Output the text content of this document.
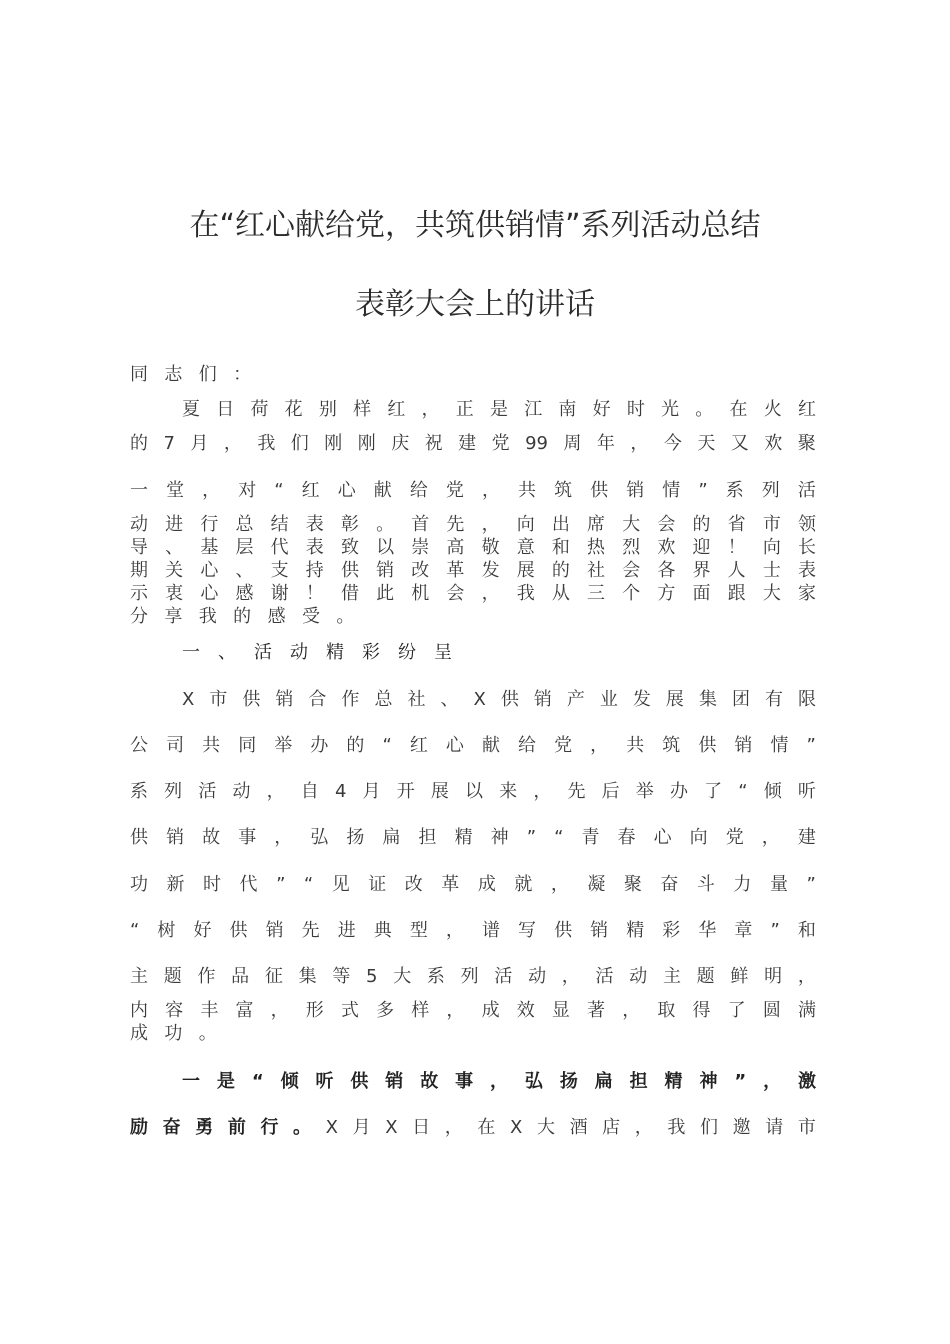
在“红心献给党，共筑供销情”系列活动总结
表彰大会上的讲话
同 志 们 ：
夏 日 荷 花 别 样 红 ， 正 是 江 南 好 时 光 。 在 火 红
的 7 月 ， 我 们 刚 刚 庆 祝 建 党 99 周 年 ， 今 天 又 欢 聚
一 堂 ， 对 “ 红 心 献 给 党 ， 共 筑 供 销 情 ” 系 列 活
动 进 行 总 结 表 彰 。 首 先 ， 向 出 席 大 会 的 省 市 领
导 、 基 层 代 表 致 以 崇 高 敬 意 和 热 烈 欢 迎 ！ 向 长
期 关 心 、 支 持 供 销 改 革 发 展 的 社 会 各 界 人 士 表
示 衷 心 感 谢 ！ 借 此 机 会 ， 我 从 三 个 方 面 跟 大 家
分 享 我 的 感 受 。
一 、 活 动 精 彩 纷 呈
X 市 供 销 合 作 总 社 、 X 供 销 产 业 发 展 集 团 有 限
公 司 共 同 举 办 的 “ 红 心 献 给 党 ， 共 筑 供 销 情 ”
系 列 活 动 ， 自 4 月 开 展 以 来 ， 先 后 举 办 了 “ 倾 听
供 销 故 事 ， 弘 扬 扁 担 精 神 ” “ 青 春 心 向 党 ， 建
功 新 时 代 ” “ 见 证 改 革 成 就 ， 凝 聚 奋 斗 力 量 ”
“ 树 好 供 销 先 进 典 型 ， 谱 写 供 销 精 彩 华 章 ” 和
主 题 作 品 征 集 等 5 大 系 列 活 动 ， 活 动 主 题 鲜 明 ，
内 容 丰 富 ， 形 式 多 样 ， 成 效 显 著 ， 取 得 了 圆 满
成 功 。
一 是 “ 倾 听 供 销 故 事 ， 弘 扬 扁 担 精 神 ” ， 激
励 奋 勇 前 行 。 X 月 X 日 ， 在 X 大 酒 店 ， 我 们 邀 请 市
